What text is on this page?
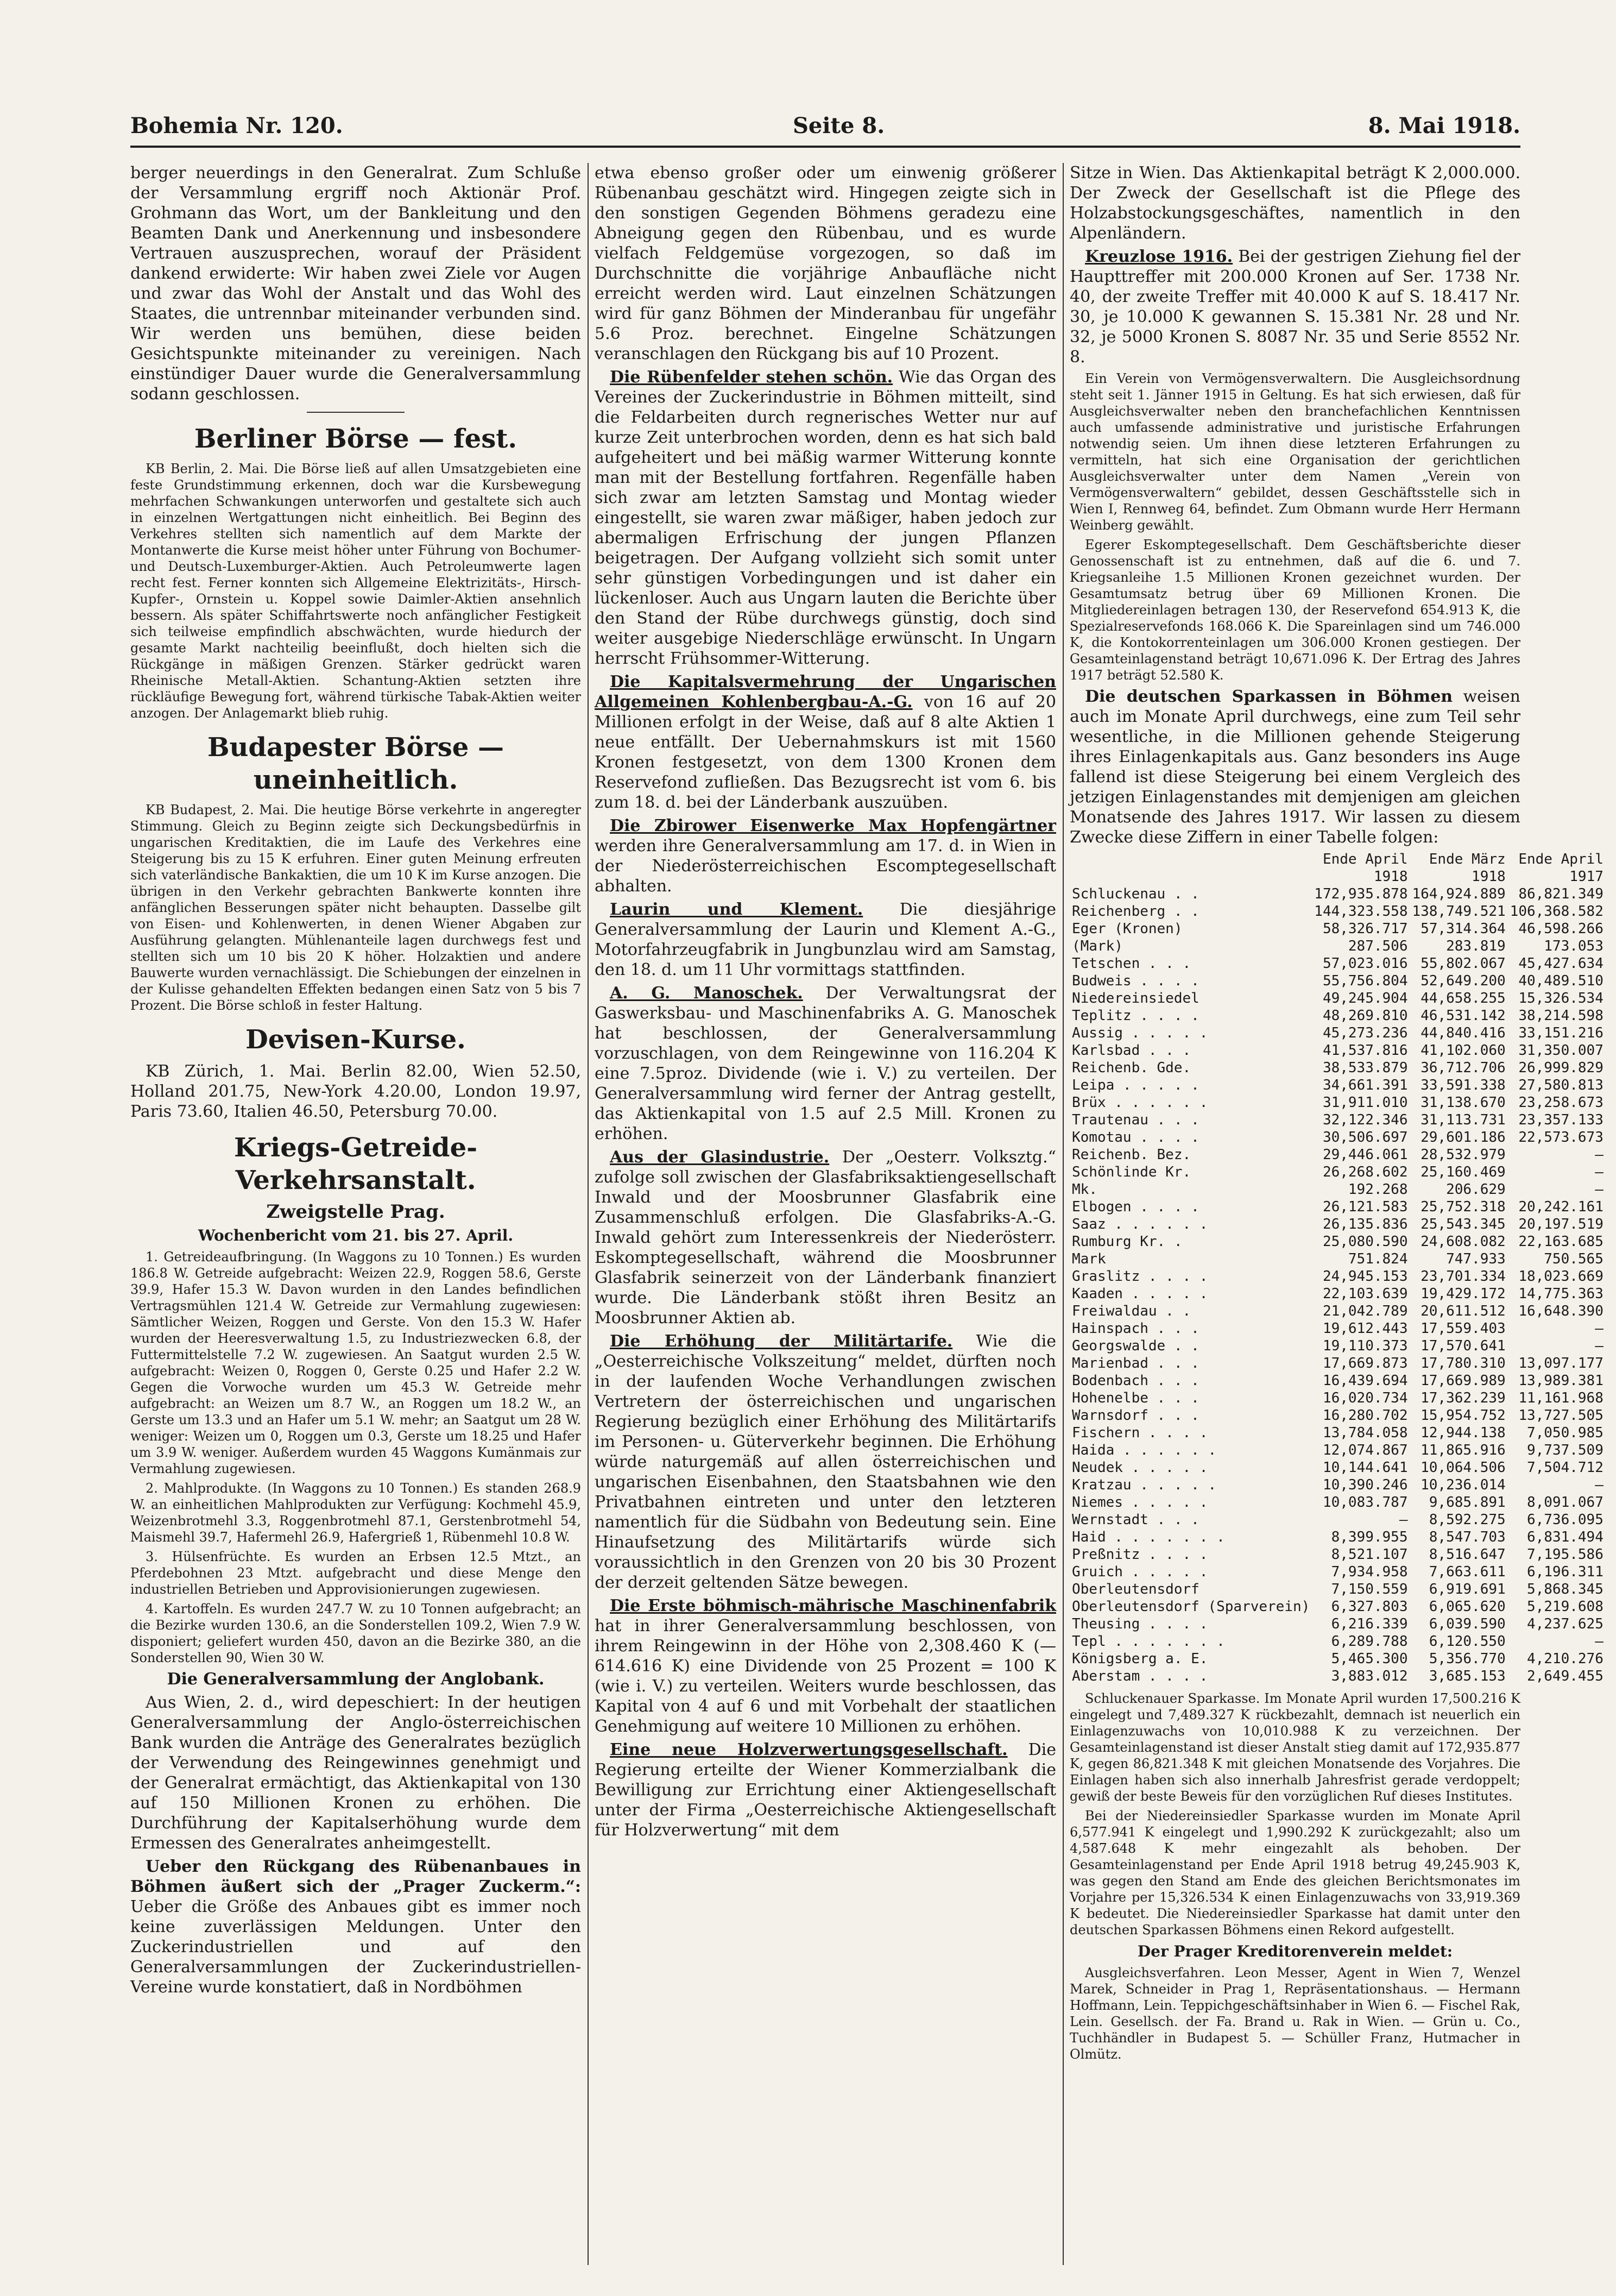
Bohemia Nr. 120.	Seite 8.	8. Mai 1918.

berger neuerdings in den Generalrat. Zum Schluße der Versammlung ergriff noch Aktionär Prof. Grohmann das Wort, um der Bankleitung und den Beamten Dank und Anerkennung und insbesondere Vertrauen auszusprechen, worauf der Präsident dankend erwiderte: Wir haben zwei Ziele vor Augen und zwar das Wohl der Anstalt und das Wohl des Staates, die untrennbar miteinander verbunden sind. Wir werden uns bemühen, diese beiden Gesichtspunkte miteinander zu vereinigen. Nach einstündiger Dauer wurde die Generalversammlung sodann geschlossen.

Berliner Börse — fest.

KB Berlin, 2. Mai. Die Börse ließ auf allen Umsatzgebieten eine feste Grundstimmung erkennen, doch war die Kursbewegung mehrfachen Schwankungen unterworfen und gestaltete sich auch in einzelnen Wertgattungen nicht einheitlich. Bei Beginn des Verkehres stellten sich namentlich auf dem Markte der Montanwerte die Kurse meist höher unter Führung von Bochumer- und Deutsch-Luxemburger-Aktien. Auch Petroleumwerte lagen recht fest. Ferner konnten sich Allgemeine Elektrizitäts-, Hirsch-Kupfer-, Ornstein u. Koppel sowie Daimler-Aktien ansehnlich bessern. Als später Schiffahrtswerte noch anfänglicher Festigkeit sich teilweise empfindlich abschwächten, wurde hiedurch der gesamte Markt nachteilig beeinflußt, doch hielten sich die Rückgänge in mäßigen Grenzen. Stärker gedrückt waren Rheinische Metall-Aktien. Schantung-Aktien setzten ihre rückläufige Bewegung fort, während türkische Tabak-Aktien weiter anzogen. Der Anlagemarkt blieb ruhig.

Budapester Börse — uneinheitlich.

KB Budapest, 2. Mai. Die heutige Börse verkehrte in angeregter Stimmung. Gleich zu Beginn zeigte sich Deckungsbedürfnis in ungarischen Kreditaktien, die im Laufe des Verkehres eine Steigerung bis zu 15 K erfuhren. Einer guten Meinung erfreuten sich vaterländische Bankaktien, die um 10 K im Kurse anzogen. Die übrigen in den Verkehr gebrachten Bankwerte konnten ihre anfänglichen Besserungen später nicht behaupten. Dasselbe gilt von Eisen- und Kohlenwerten, in denen Wiener Abgaben zur Ausführung gelangten. Mühlenanteile lagen durchwegs fest und stellten sich um 10 bis 20 K höher. Holzaktien und andere Bauwerte wurden vernachlässigt. Die Schiebungen der einzelnen in der Kulisse gehandelten Effekten bedangen einen Satz von 5 bis 7 Prozent. Die Börse schloß in fester Haltung.

Devisen-Kurse.

KB Zürich, 1. Mai. Berlin 82.00, Wien 52.50, Holland 201.75, New-York 4.20.00, London 19.97, Paris 73.60, Italien 46.50, Petersburg 70.00.

Kriegs-Getreide-Verkehrsanstalt.
Zweigstelle Prag.
Wochenbericht vom 21. bis 27. April.

1. Getreideaufbringung. (In Waggons zu 10 Tonnen.) Es wurden 186.8 W. Getreide aufgebracht: Weizen 22.9, Roggen 58.6, Gerste 39.9, Hafer 15.3 W. Davon wurden in den Landes befindlichen Vertragsmühlen 121.4 W. Getreide zur Vermahlung zugewiesen: Sämtlicher Weizen, Roggen und Gerste. Von den 15.3 W. Hafer wurden der Heeresverwaltung 1.5, zu Industriezwecken 6.8, der Futtermittelstelle 7.2 W. zugewiesen. An Saatgut wurden 2.5 W. aufgebracht: Weizen 0, Roggen 0, Gerste 0.25 und Hafer 2.2 W. Gegen die Vorwoche wurden um 45.3 W. Getreide mehr aufgebracht: an Weizen um 8.7 W., an Roggen um 18.2 W., an Gerste um 13.3 und an Hafer um 5.1 W. mehr; an Saatgut um 28 W. weniger: Weizen um 0, Roggen um 0.3, Gerste um 18.25 und Hafer um 3.9 W. weniger. Außerdem wurden 45 Waggons Kumänmais zur Vermahlung zugewiesen.

2. Mahlprodukte. (In Waggons zu 10 Tonnen.) Es standen 268.9 W. an einheitlichen Mahlprodukten zur Verfügung: Kochmehl 45.9, Weizenbrotmehl 3.3, Roggenbrotmehl 87.1, Gerstenbrotmehl 54, Maismehl 39.7, Hafermehl 26.9, Hafergrieß 1, Rübenmehl 10.8 W.

3. Hülsenfrüchte. Es wurden an Erbsen 12.5 Mtzt., an Pferdebohnen 23 Mtzt. aufgebracht und diese Menge den industriellen Betrieben und Approvisionierungen zugewiesen.

4. Kartoffeln. Es wurden 247.7 W. zu 10 Tonnen aufgebracht; an die Bezirke wurden 130.6, an die Sonderstellen 109.2, Wien 7.9 W. disponiert; geliefert wurden 450, davon an die Bezirke 380, an die Sonderstellen 90, Wien 30 W.

Die Generalversammlung der Anglobank.

Aus Wien, 2. d., wird depeschiert: In der heutigen Generalversammlung der Anglo-österreichischen Bank wurden die Anträge des Generalrates bezüglich der Verwendung des Reingewinnes genehmigt und der Generalrat ermächtigt, das Aktienkapital von 130 auf 150 Millionen Kronen zu erhöhen. Die Durchführung der Kapitalserhöhung wurde dem Ermessen des Generalrates anheimgestellt.

Ueber den Rückgang des Rübenanbaues in Böhmen äußert sich der „Prager Zuckerm.“: Ueber die Größe des Anbaues gibt es immer noch keine zuverlässigen Meldungen. Unter den Zuckerindustriellen und auf den Generalversammlungen der Zuckerindustriellen-Vereine wurde konstatiert, daß in Nordböhmen

etwa ebenso großer oder um einwenig größerer Rübenanbau geschätzt wird. Hingegen zeigte sich in den sonstigen Gegenden Böhmens geradezu eine Abneigung gegen den Rübenbau, und es wurde vielfach Feldgemüse vorgezogen, so daß im Durchschnitte die vorjährige Anbaufläche nicht erreicht werden wird. Laut einzelnen Schätzungen wird für ganz Böhmen der Minderanbau für ungefähr 5.6 Proz. berechnet. Eingelne Schätzungen veranschlagen den Rückgang bis auf 10 Prozent.

Die Rübenfelder stehen schön. Wie das Organ des Vereines der Zuckerindustrie in Böhmen mitteilt, sind die Feldarbeiten durch regnerisches Wetter nur auf kurze Zeit unterbrochen worden, denn es hat sich bald aufgeheitert und bei mäßig warmer Witterung konnte man mit der Bestellung fortfahren. Regenfälle haben sich zwar am letzten Samstag und Montag wieder eingestellt, sie waren zwar mäßiger, haben jedoch zur abermaligen Erfrischung der jungen Pflanzen beigetragen. Der Aufgang vollzieht sich somit unter sehr günstigen Vorbedingungen und ist daher ein lückenloser. Auch aus Ungarn lauten die Berichte über den Stand der Rübe durchwegs günstig, doch sind weiter ausgebige Niederschläge erwünscht. In Ungarn herrscht Frühsommer-Witterung.

Die Kapitalsvermehrung der Ungarischen Allgemeinen Kohlenbergbau-A.-G. von 16 auf 20 Millionen erfolgt in der Weise, daß auf 8 alte Aktien 1 neue entfällt. Der Uebernahmskurs ist mit 1560 Kronen festgesetzt, von dem 1300 Kronen dem Reservefond zufließen. Das Bezugsrecht ist vom 6. bis zum 18. d. bei der Länderbank auszuüben.

Die Zbirower Eisenwerke Max Hopfengärtner werden ihre Generalversammlung am 17. d. in Wien in der Niederösterreichischen Escomptegesellschaft abhalten.

Laurin und Klement. Die diesjährige Generalversammlung der Laurin und Klement A.-G., Motorfahrzeugfabrik in Jungbunzlau wird am Samstag, den 18. d. um 11 Uhr vormittags stattfinden.

A. G. Manoschek. Der Verwaltungsrat der Gaswerksbau- und Maschinenfabriks A. G. Manoschek hat beschlossen, der Generalversammlung vorzuschlagen, von dem Reingewinne von 116.204 K eine 7.5proz. Dividende (wie i. V.) zu verteilen. Der Generalversammlung wird ferner der Antrag gestellt, das Aktienkapital von 1.5 auf 2.5 Mill. Kronen zu erhöhen.

Aus der Glasindustrie. Der „Oesterr. Volksztg.“ zufolge soll zwischen der Glasfabriksaktiengesellschaft Inwald und der Moosbrunner Glasfabrik eine Zusammenschluß erfolgen. Die Glasfabriks-A.-G. Inwald gehört zum Interessenkreis der Niederösterr. Eskomptegesellschaft, während die Moosbrunner Glasfabrik seinerzeit von der Länderbank finanziert wurde. Die Länderbank stößt ihren Besitz an Moosbrunner Aktien ab.

Die Erhöhung der Militärtarife. Wie die „Oesterreichische Volkszeitung“ meldet, dürften noch in der laufenden Woche Verhandlungen zwischen Vertretern der österreichischen und ungarischen Regierung bezüglich einer Erhöhung des Militärtarifs im Personen- u. Güterverkehr beginnen. Die Erhöhung würde naturgemäß auf allen österreichischen und ungarischen Eisenbahnen, den Staatsbahnen wie den Privatbahnen eintreten und unter den letzteren namentlich für die Südbahn von Bedeutung sein. Eine Hinaufsetzung des Militärtarifs würde sich voraussichtlich in den Grenzen von 20 bis 30 Prozent der derzeit geltenden Sätze bewegen.

Die Erste böhmisch-mährische Maschinenfabrik hat in ihrer Generalversammlung beschlossen, von ihrem Reingewinn in der Höhe von 2,308.460 K (— 614.616 K) eine Dividende von 25 Prozent = 100 K (wie i. V.) zu verteilen. Weiters wurde beschlossen, das Kapital von 4 auf 6 und mit Vorbehalt der staatlichen Genehmigung auf weitere 10 Millionen zu erhöhen.

Eine neue Holzverwertungsgesellschaft. Die Regierung erteilte der Wiener Kommerzialbank die Bewilligung zur Errichtung einer Aktiengesellschaft unter der Firma „Oesterreichische Aktiengesellschaft für Holzverwertung“ mit dem

Sitze in Wien. Das Aktienkapital beträgt K 2,000.000. Der Zweck der Gesellschaft ist die Pflege des Holzabstockungsgeschäftes, namentlich in den Alpenländern.

Kreuzlose 1916. Bei der gestrigen Ziehung fiel der Haupttreffer mit 200.000 Kronen auf Ser. 1738 Nr. 40, der zweite Treffer mit 40.000 K auf S. 18.417 Nr. 30, je 10.000 K gewannen S. 15.381 Nr. 28 und Nr. 32, je 5000 Kronen S. 8087 Nr. 35 und Serie 8552 Nr. 8.

Ein Verein von Vermögensverwaltern. Die Ausgleichsordnung steht seit 1. Jänner 1915 in Geltung. Es hat sich erwiesen, daß für Ausgleichsverwalter neben den branchefachlichen Kenntnissen auch umfassende administrative und juristische Erfahrungen notwendig seien. Um ihnen diese letzteren Erfahrungen zu vermitteln, hat sich eine Organisation der gerichtlichen Ausgleichsverwalter unter dem Namen „Verein von Vermögensverwaltern“ gebildet, dessen Geschäftsstelle sich in Wien I, Rennweg 64, befindet. Zum Obmann wurde Herr Hermann Weinberg gewählt.

Egerer Eskomptegesellschaft. Dem Geschäftsberichte dieser Genossenschaft ist zu entnehmen, daß auf die 6. und 7. Kriegsanleihe 1.5 Millionen Kronen gezeichnet wurden. Der Gesamtumsatz betrug über 69 Millionen Kronen. Die Mitgliedereinlagen betragen 130, der Reservefond 654.913 K, die Spezialreservefonds 168.066 K. Die Spareinlagen sind um 746.000 K, die Kontokorrenteinlagen um 306.000 Kronen gestiegen. Der Gesamteinlagenstand beträgt 10,671.096 K. Der Ertrag des Jahres 1917 beträgt 52.580 K.

Die deutschen Sparkassen in Böhmen weisen auch im Monate April durchwegs, eine zum Teil sehr wesentliche, in die Millionen gehende Steigerung ihres Einlagenkapitals aus. Ganz besonders ins Auge fallend ist diese Steigerung bei einem Vergleich des jetzigen Einlagenstandes mit demjenigen am gleichen Monatsende des Jahres 1917. Wir lassen zu diesem Zwecke diese Ziffern in einer Tabelle folgen:

	Ende April 1918	Ende März 1918	Ende April 1917
Schluckenau . .	172,935.878	164,924.889	86,821.349
Reichenberg . .	144,323.558	138,749.521	106,368.582
Eger (Kronen)	58,326.717	57,314.364	46,598.266
(Mark)	287.506	283.819	173.053
Tetschen . . .	57,023.016	55,802.067	45,427.634
Budweis . . . .	55,756.804	52,649.200	40,489.510
Niedereinsiedel	49,245.904	44,658.255	15,326.534
Teplitz . . . .	48,269.810	46,531.142	38,214.598
Aussig . . . . .	45,273.236	44,840.416	33,151.216
Karlsbad . . .	41,537.816	41,102.060	31,350.007
Reichenb. Gde.	38,533.879	36,712.706	26,999.829
Leipa . . . . .	34,661.391	33,591.338	27,580.813
Brüx . . . . . .	31,911.010	31,138.670	23,258.673
Trautenau . . .	32,122.346	31,113.731	23,357.133
Komotau . . . .	30,506.697	29,601.186	22,573.673
Reichenb. Bez.	29,446.061	28,532.979	—
Schönlinde Kr.	26,268.602	25,160.469	—
Mk.	192.268	206.629	—
Elbogen . . . .	26,121.583	25,752.318	20,242.161
Saaz . . . . . .	26,135.836	25,543.345	20,197.519
Rumburg Kr. .	25,080.590	24,608.082	22,163.685
Mark	751.824	747.933	750.565
Graslitz . . . .	24,945.153	23,701.334	18,023.669
Kaaden . . . . .	22,103.639	19,429.172	14,775.363
Freiwaldau . .	21,042.789	20,611.512	16,648.390
Hainspach . . .	19,612.443	17,559.403	—
Georgswalde . .	19,110.373	17,570.641	—
Marienbad . . .	17,669.873	17,780.310	13,097.177
Bodenbach . . .	16,439.694	17,669.989	13,989.381
Hohenelbe . . .	16,020.734	17,362.239	11,161.968
Warnsdorf . . .	16,280.702	15,954.752	13,727.505
Fischern . . . .	13,784.058	12,944.138	7,050.985
Haida . . . . . .	12,074.867	11,865.916	9,737.509
Neudek . . . . .	10,144.641	10,064.506	7,504.712
Kratzau . . . . .	10,390.246	10,236.014	—
Niemes . . . . .	10,083.787	9,685.891	8,091.067
Wernstadt . . .	—	8,592.275	6,736.095
Haid . . . . . . .	8,399.955	8,547.703	6,831.494
Preßnitz . . . .	8,521.107	8,516.647	7,195.586
Gruich . . . . .	7,934.958	7,663.611	6,196.311
Oberleutensdorf	7,150.559	6,919.691	5,868.345
Oberleutensdorf (Sparverein)	6,327.803	6,065.620	5,219.608
Theusing . . . .	6,216.339	6,039.590	4,237.625
Tepl . . . . . . .	6,289.788	6,120.550	—
Königsberg a. E.	5,465.300	5,356.770	4,210.276
Aberstam . . . .	3,883.012	3,685.153	2,649.455

Schluckenauer Sparkasse. Im Monate April wurden 17,500.216 K eingelegt und 7,489.327 K rückbezahlt, demnach ist neuerlich ein Einlagenzuwachs von 10,010.988 K zu verzeichnen. Der Gesamteinlagenstand ist dieser Anstalt stieg damit auf 172,935.877 K, gegen 86,821.348 K mit gleichen Monatsende des Vorjahres. Die Einlagen haben sich also innerhalb Jahresfrist gerade verdoppelt; gewiß der beste Beweis für den vorzüglichen Ruf dieses Institutes.

Bei der Niedereinsiedler Sparkasse wurden im Monate April 6,577.941 K eingelegt und 1,990.292 K zurückgezahlt; also um 4,587.648 K mehr eingezahlt als behoben. Der Gesamteinlagenstand per Ende April 1918 betrug 49,245.903 K, was gegen den Stand am Ende des gleichen Berichtsmonates im Vorjahre per 15,326.534 K einen Einlagenzuwachs von 33,919.369 K bedeutet. Die Niedereinsiedler Sparkasse hat damit unter den deutschen Sparkassen Böhmens einen Rekord aufgestellt.

Der Prager Kreditorenverein meldet:

Ausgleichsverfahren. Leon Messer, Agent in Wien 7, Wenzel Marek, Schneider in Prag 1, Repräsentationshaus. — Hermann Hoffmann, Lein. Teppichgeschäftsinhaber in Wien 6. — Fischel Rak, Lein. Gesellsch. der Fa. Brand u. Rak in Wien. — Grün u. Co., Tuchhändler in Budapest 5. — Schüller Franz, Hutmacher in Olmütz.
